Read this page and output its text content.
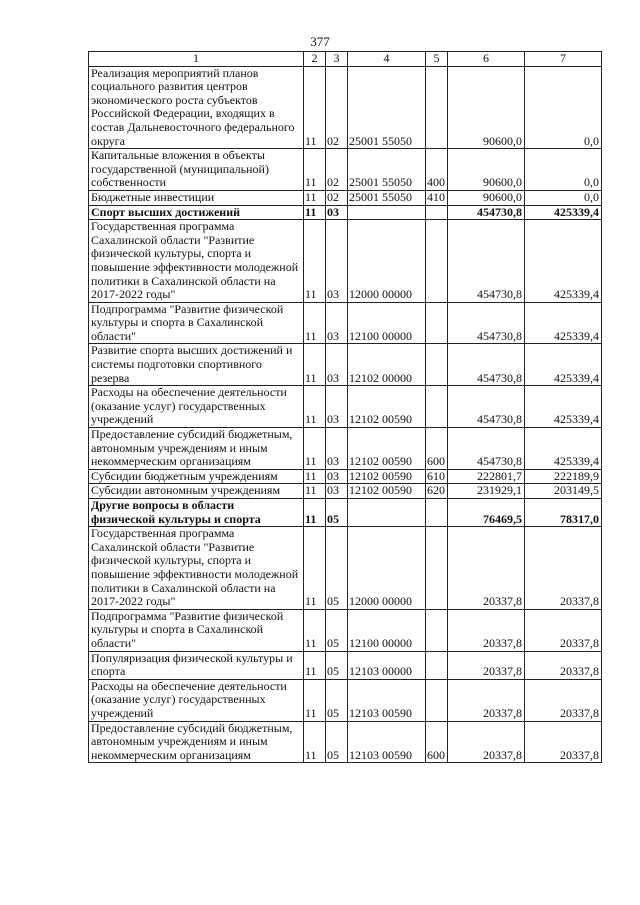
377
1	2	3	4	5	6	7
Реализация мероприятий планов социального развития центров экономического роста субъектов Российской Федерации, входящих в состав Дальневосточного федерального округа	11	02	25001 55050		90600,0	0,0
Капитальные вложения в объекты государственной (муниципальной) собственности	11	02	25001 55050	400	90600,0	0,0
Бюджетные инвестиции	11	02	25001 55050	410	90600,0	0,0
Спорт высших достижений	11	03			454730,8	425339,4
Государственная программа Сахалинской области "Развитие физической культуры, спорта и повышение эффективности молодежной политики в Сахалинской области на 2017-2022 годы"	11	03	12000 00000		454730,8	425339,4
Подпрограмма "Развитие физической культуры и спорта в Сахалинской области"	11	03	12100 00000		454730,8	425339,4
Развитие спорта высших достижений и системы подготовки спортивного резерва	11	03	12102 00000		454730,8	425339,4
Расходы на обеспечение деятельности (оказание услуг) государственных учреждений	11	03	12102 00590		454730,8	425339,4
Предоставление субсидий бюджетным, автономным учреждениям и иным некоммерческим организациям	11	03	12102 00590	600	454730,8	425339,4
Субсидии бюджетным учреждениям	11	03	12102 00590	610	222801,7	222189,9
Субсидии автономным учреждениям	11	03	12102 00590	620	231929,1	203149,5
Другие вопросы в области физической культуры и спорта	11	05			76469,5	78317,0
Государственная программа Сахалинской области "Развитие физической культуры, спорта и повышение эффективности молодежной политики в Сахалинской области на 2017-2022 годы"	11	05	12000 00000		20337,8	20337,8
Подпрограмма "Развитие физической культуры и спорта в Сахалинской области"	11	05	12100 00000		20337,8	20337,8
Популяризация физической культуры и спорта	11	05	12103 00000		20337,8	20337,8
Расходы на обеспечение деятельности (оказание услуг) государственных учреждений	11	05	12103 00590		20337,8	20337,8
Предоставление субсидий бюджетным, автономным учреждениям и иным некоммерческим организациям	11	05	12103 00590	600	20337,8	20337,8
